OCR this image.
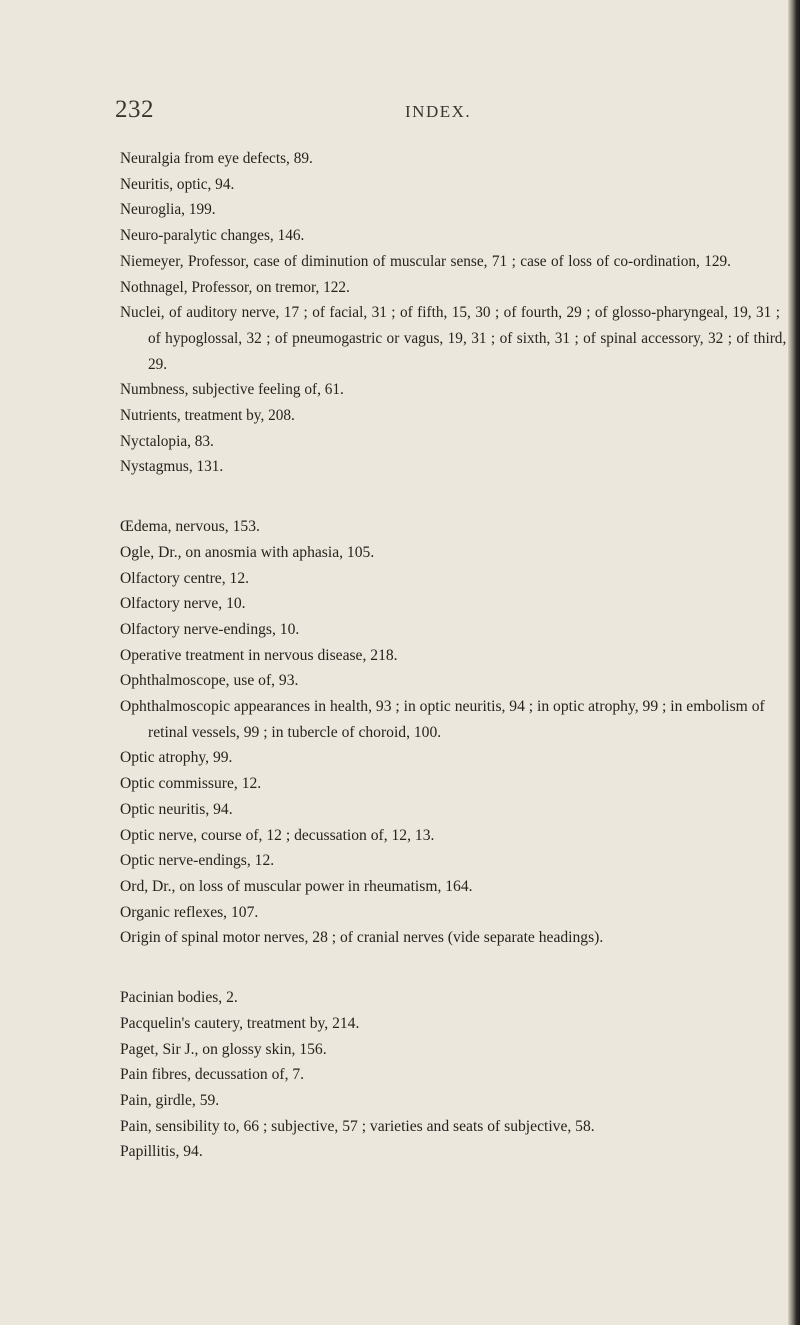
232	INDEX.

Neuralgia from eye defects, 89.

Neuritis, optic, 94.

Neuroglia, 199.

Neuro-paralytic changes, 146.

Niemeyer, Professor, case of diminution of muscular sense, 71 ; case of loss of co-ordination, 129.

Nothnagel, Professor, on tremor, 122.

Nuclei, of auditory nerve, 17 ; of facial, 31 ; of fifth, 15, 30 ; of fourth, 29 ; of glosso-pharyngeal, 19, 31 ; of hypoglossal, 32 ; of pneumogastric or vagus, 19, 31 ; of sixth, 31 ; of spinal accessory, 32 ; of third, 29.

Numbness, subjective feeling of, 61.

Nutrients, treatment by, 208.

Nyctalopia, 83.

Nystagmus, 131.

Œdema, nervous, 153.

Ogle, Dr., on anosmia with aphasia, 105.

Olfactory centre, 12.

Olfactory nerve, 10.

Olfactory nerve-endings, 10.

Operative treatment in nervous disease, 218.

Ophthalmoscope, use of, 93.

Ophthalmoscopic appearances in health, 93 ; in optic neuritis, 94 ; in optic atrophy, 99 ; in embolism of retinal vessels, 99 ; in tubercle of choroid, 100.

Optic atrophy, 99.

Optic commissure, 12.

Optic neuritis, 94.

Optic nerve, course of, 12 ; decussation of, 12, 13.

Optic nerve-endings, 12.

Ord, Dr., on loss of muscular power in rheumatism, 164.

Organic reflexes, 107.

Origin of spinal motor nerves, 28 ; of cranial nerves (vide separate headings).

Pacinian bodies, 2.

Pacquelin's cautery, treatment by, 214.

Paget, Sir J., on glossy skin, 156.

Pain fibres, decussation of, 7.

Pain, girdle, 59.

Pain, sensibility to, 66 ; subjective, 57 ; varieties and seats of subjective, 58.

Papillitis, 94.
